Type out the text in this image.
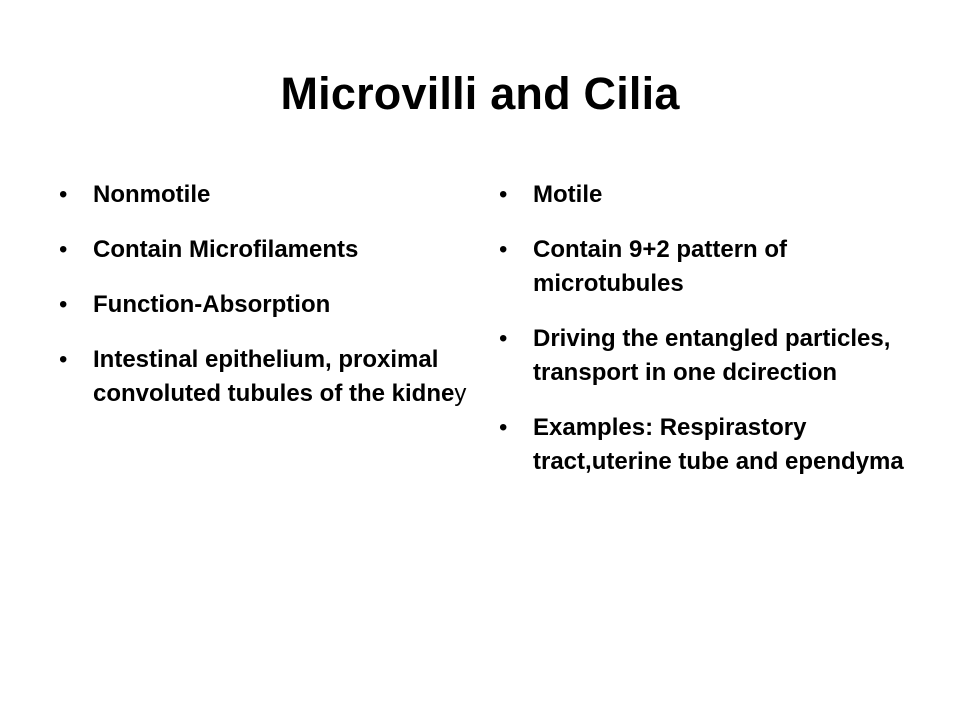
Microvilli and Cilia
• Nonmotile
• Contain Microfilaments
• Function-Absorption
• Intestinal epithelium, proximal convoluted tubules of the kidney
• Motile
• Contain 9+2 pattern of microtubules
• Driving the entangled particles, transport in one dcirection
• Examples: Respirastory tract,uterine tube and ependyma
